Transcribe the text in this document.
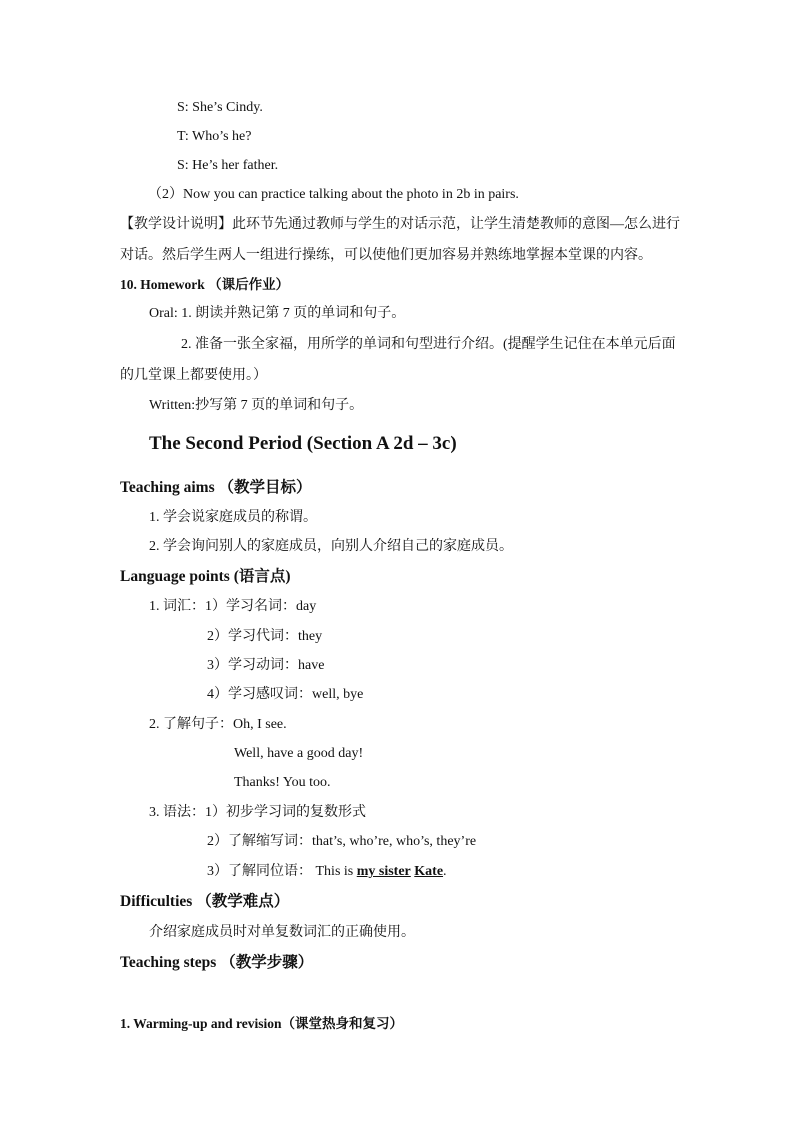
S: She’s Cindy.
T: Who’s he?
S: He’s her father.
（2）Now you can practice talking about the photo in 2b in pairs.
【教学设计说明】此环节先通过教师与学生的对话示范，让学生清楚教师的意图—怎么进行
对话。然后学生两人一组进行操练，可以使他们更加容易并熟练地掌握本堂课的内容。
10. Homework （课后作业）
Oral: 1. 朗读并熟记第 7 页的单词和句子。
2. 准备一张全家福，用所学的单词和句型进行介绍。(提醒学生记住在本单元后面
的几堂课上都要使用。）
Written:抄写第 7 页的单词和句子。
The Second Period (Section A 2d – 3c)
Teaching aims （教学目标）
1. 学会说家庭成员的称谓。
2. 学会询问别人的家庭成员，向别人介绍自己的家庭成员。
Language points (语言点)
1. 词汇：1）学习名词：day
2）学习代词：they
3）学习动词：have
4）学习感叹词：well, bye
2. 了解句子：Oh, I see.
Well, have a good day!
Thanks! You too.
3. 语法：1）初步学习词的复数形式
2）了解缩写词：that’s, who’re, who’s, they’re
3）了解同位语： This is my sister Kate.
Difficulties （教学难点）
介绍家庭成员时对单复数词汇的正确使用。
Teaching steps （教学步骤）
1. Warming-up and revision（课堂热身和复习）
